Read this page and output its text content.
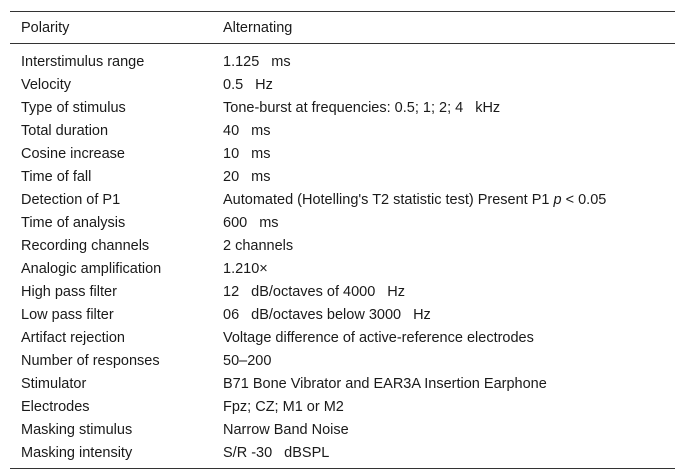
Polarity	Alternating
Interstimulus range	1.125 ms
Velocity	0.5 Hz
Type of stimulus	Tone-burst at frequencies: 0.5; 1; 2; 4 kHz
Total duration	40 ms
Cosine increase	10 ms
Time of fall	20 ms
Detection of P1	Automated (Hotelling's T2 statistic test) Present P1 p < 0.05
Time of analysis	600 ms
Recording channels	2 channels
Analogic amplification	1.210×
High pass filter	12 dB/octaves of 4000 Hz
Low pass filter	06 dB/octaves below 3000 Hz
Artifact rejection	Voltage difference of active-reference electrodes
Number of responses	50–200
Stimulator	B71 Bone Vibrator and EAR3A Insertion Earphone
Electrodes	Fpz; CZ; M1 or M2
Masking stimulus	Narrow Band Noise
Masking intensity	S/R -30 dBSPL
